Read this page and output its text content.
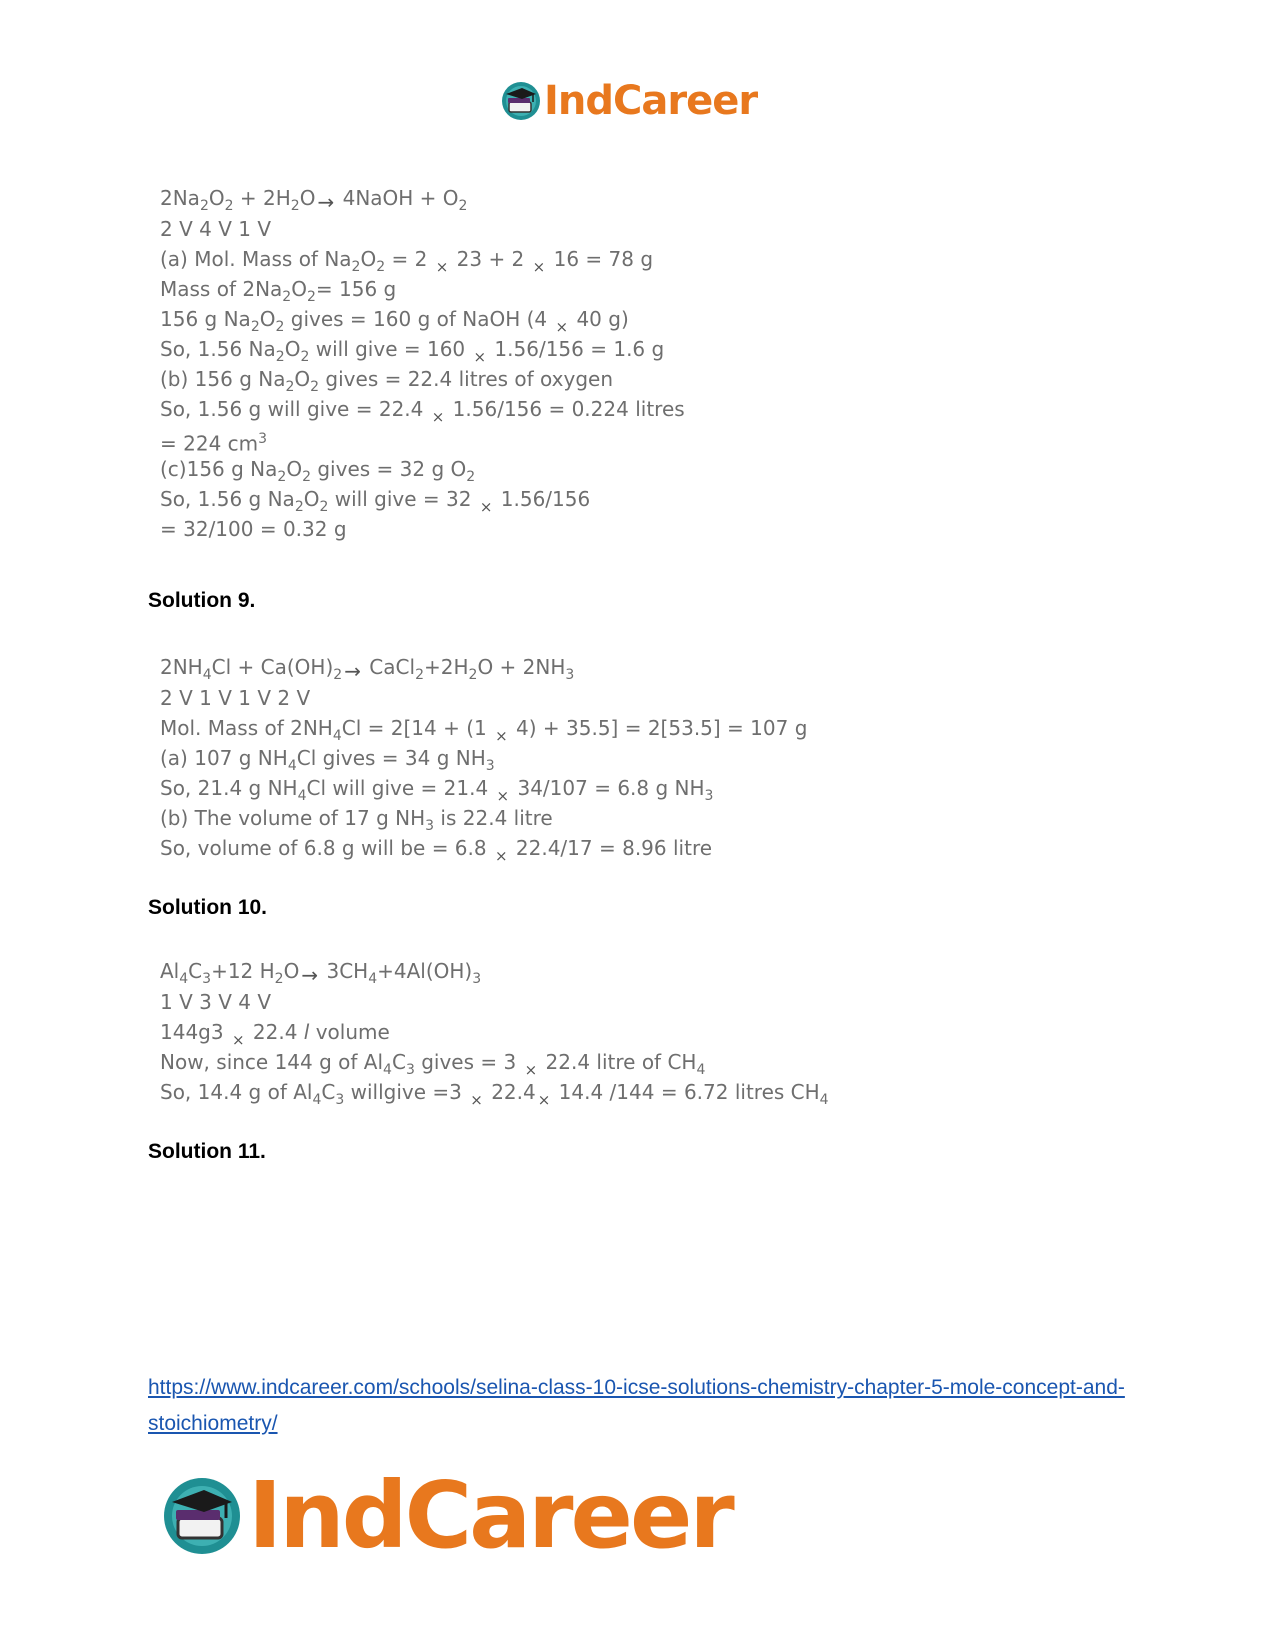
IndCareer
$2Na_2O_2 + 2H_2O$ → 4NaOH + $O_2$
2 V 4 V 1 V
(a) Mol. Mass of $Na_2O_2 = 2$ $_\times$ 23 + 2 $_\times$ 16 = 78 g
Mass of $2Na_2O_2= 156$ g
156 g $Na_2O_2$ gives = 160 g of NaOH (4 $_\times$ 40 g)
So, 1.56 $Na_2O_2$ will give = 160 $_\times$ 1.56/156 = 1.6 g
(b) 156 g $Na_2O_2$ gives = 22.4 litres of oxygen
So, 1.56 g will give = 22.4 $_\times$ 1.56/156 = 0.224 litres
= 224 $cm^3$
(c)156 g $Na_2O_2$ gives = 32 g $O_2$
So, 1.56 g $Na_2O_2$ will give = 32 $_\times$ 1.56/156
= 32/100 = 0.32 g
Solution 9.
$2NH_4Cl + Ca(OH)_2$ → $CaCl_2+2H_2O + 2NH_3$
2 V 1 V 1 V 2 V
Mol. Mass of $2NH_4Cl = 2[14 + (1$ $_\times$ 4) + 35.5] = 2[53.5] = 107 g
(a) 107 g $NH_4Cl$ gives = 34 g $NH_3$
So, 21.4 g $NH_4Cl$ will give = 21.4 $_\times$ 34/107 = 6.8 g $NH_3$
(b) The volume of 17 g $NH_3$ is 22.4 litre
So, volume of 6.8 g will be = 6.8 $_\times$ 22.4/17 = 8.96 litre
Solution 10.
$Al_4C_3+12$ $H_2O \to 3CH_4+4Al(OH)_3$
1 V 3 V 4 V
144g3 $_\times$ 22.4 l volume
Now, since 144 g of $Al_4C_3$ gives = 3 $_\times$ 22.4 litre of $CH_4$
So, 14.4 g of $Al_4C_3$ willgive =3 $_\times$ 22.4 $_\times$ 14.4 /144 = 6.72 litres $CH_4$
Solution 11.
https://www.indcareer.com/schools/selina-class-10-icse-solutions-chemistry-chapter-5-mole-concept-and-stoichiometry/
IndCareer
